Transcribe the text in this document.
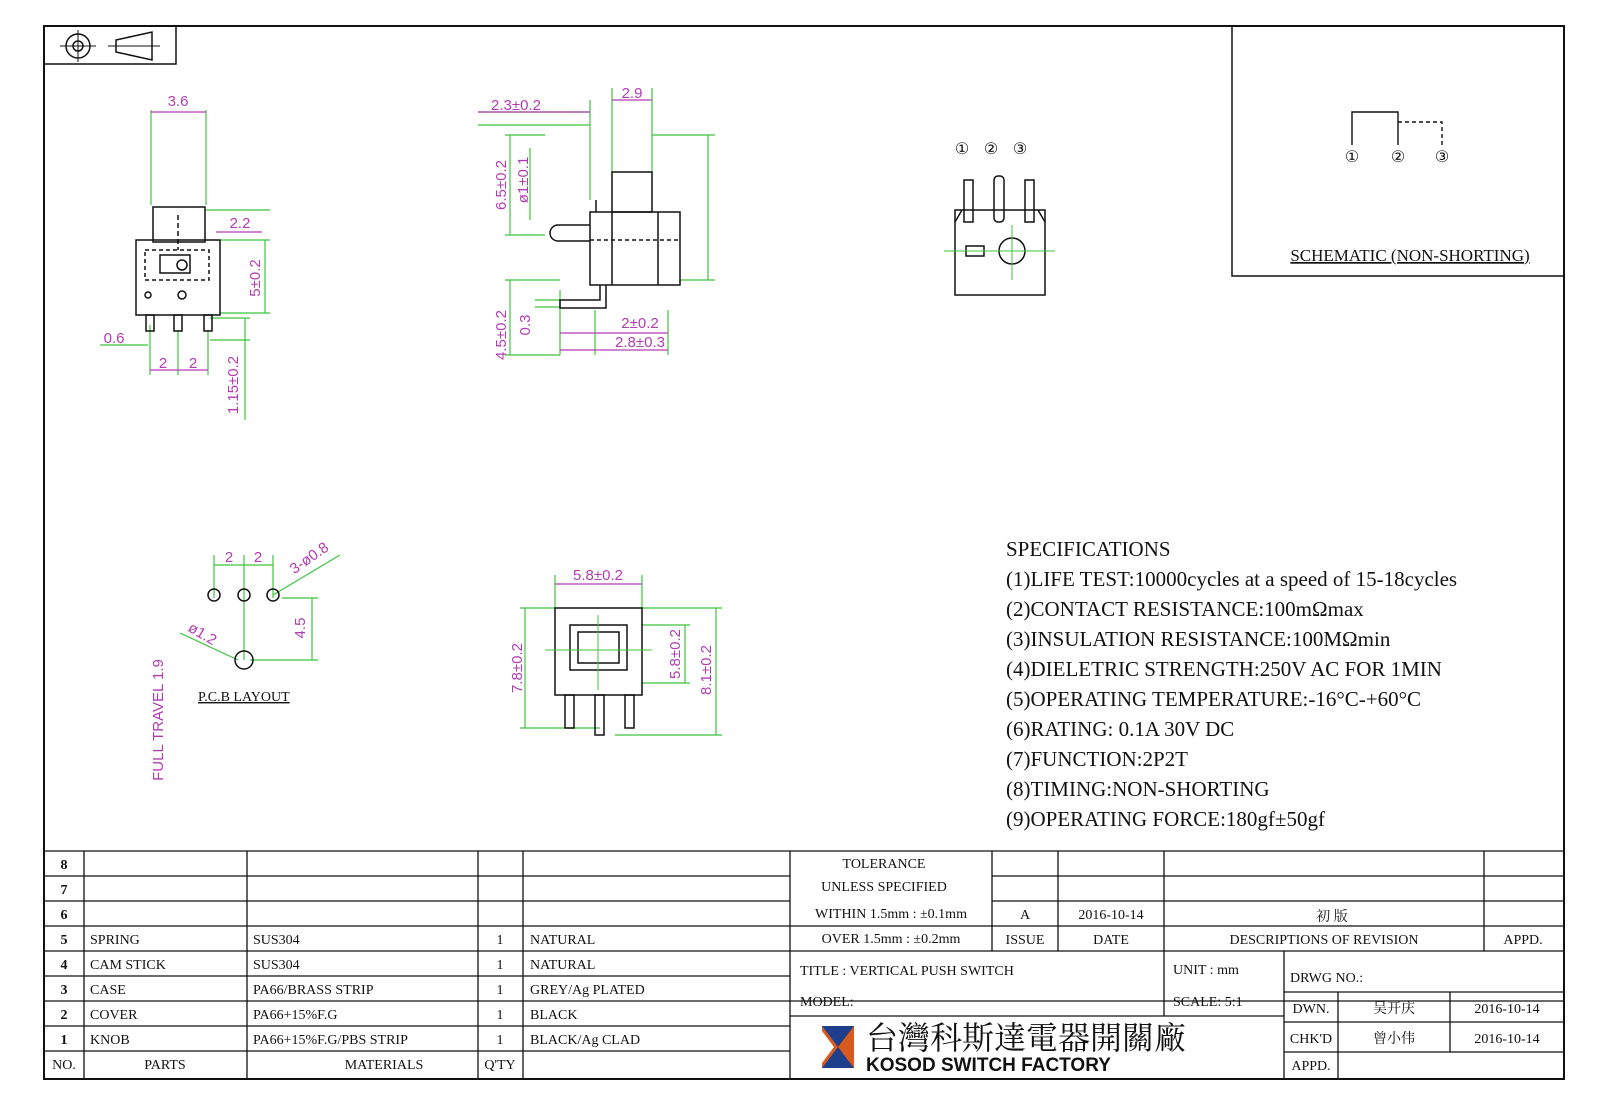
3.6
2.2
5±0.2
0.6
2 2 1.15±0.2
2.3±0.2
2.9
6.5±0.2 ø1±0.1
4.5±0.2 0.3	2±0.2
2.8±0.3
① ② ③	① ② ③
SCHEMATIC (NON-SHORTING)
2 2 3-ø0.8
ø1.2	4.5
FULL TRAVEL 1.9 P.C.B LAYOUT
5.8±0.2
7.8±0.2	5.8±0.2 8.1±0.2
SPECIFICATIONS
(1)LIFE TEST:10000cycles at a speed of 15-18cycles
(2)CONTACT RESISTANCE:100mΩmax
(3)INSULATION RESISTANCE:100MΩmin
(4)DIELETRIC STRENGTH:250V AC FOR 1MIN
(5)OPERATING TEMPERATURE:-16°C-+60°C
(6)RATING: 0.1A 30V DC
(7)FUNCTION:2P2T
(8)TIMING:NON-SHORTING
(9)OPERATING FORCE:180gf±50gf
8
7
6
5 SPRING	SUS304	1 NATURAL
4 CAM STICK	SUS304	1 NATURAL
3 CASE	PA66/BRASS STRIP	1 GREY/Ag PLATED
2 COVER	PA66+15%F.G	1 BLACK
1 KNOB	PA66+15%F.G/PBS STRIP	1 BLACK/Ag CLAD
NO.	PARTS	MATERIALS	Q'TY
TOLERANCE
UNLESS SPECIFIED
WITHIN 1.5mm : ±0.1mm
OVER 1.5mm : ±0.2mm
A	2016-10-14	初 版
ISSUE	DATE	DESCRIPTIONS OF REVISION	APPD.
TITLE : VERTICAL PUSH SWITCH	UNIT : mm
MODEL:	SCALE: 5:1
DRWG NO.:
台灣科斯達電器開關廠
KOSOD SWITCH FACTORY
DWN.	吴开庆	2016-10-14
CHK'D	曾小伟	2016-10-14
APPD.
